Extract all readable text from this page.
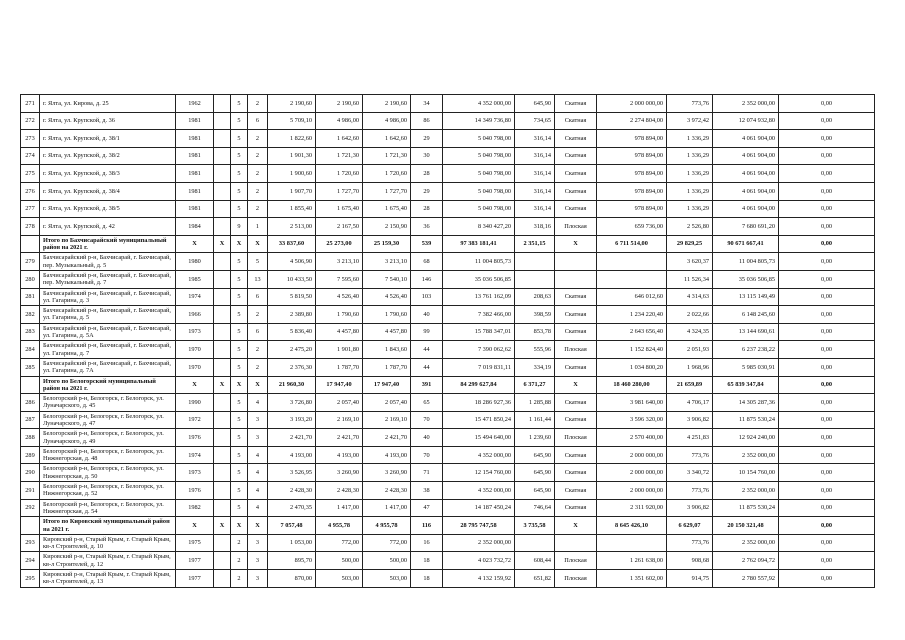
271	г. Ялта, ул. Кирова, д. 25	1962		5	2	2 190,60	2 190,60	2 190,60	34	4 352 000,00	645,90	Скатная	2 000 000,00	773,76	2 352 000,00	0,00
272	г. Ялта, ул. Крупской, д. 36	1981		5	6	5 709,10	4 986,00	4 986,00	86	14 349 736,80	734,65	Скатная	2 274 804,00	3 972,42	12 074 932,80	0,00
273	г. Ялта, ул. Крупской, д. 38/1	1981		5	2	1 822,60	1 642,60	1 642,60	29	5 040 798,00	316,14	Скатная	978 894,00	1 336,29	4 061 904,00	0,00
274	г. Ялта, ул. Крупской, д. 38/2	1981		5	2	1 901,30	1 721,30	1 721,30	30	5 040 798,00	316,14	Скатная	978 894,00	1 336,29	4 061 904,00	0,00
275	г. Ялта, ул. Крупской, д. 38/3	1981		5	2	1 900,60	1 720,60	1 720,60	28	5 040 798,00	316,14	Скатная	978 894,00	1 336,29	4 061 904,00	0,00
276	г. Ялта, ул. Крупской, д. 38/4	1981		5	2	1 907,70	1 727,70	1 727,70	29	5 040 798,00	316,14	Скатная	978 894,00	1 336,29	4 061 904,00	0,00
277	г. Ялта, ул. Крупской, д. 38/5	1981		5	2	1 855,40	1 675,40	1 675,40	28	5 040 798,00	316,14	Скатная	978 894,00	1 336,29	4 061 904,00	0,00
278	г. Ялта, ул. Крупской, д. 42	1984		9	1	2 513,00	2 167,50	2 150,90	36	8 340 427,20	318,16	Плоская	659 736,00	2 526,80	7 680 691,20	0,00
	Итого по Бахчисарайский муниципальный район на 2021 г.	X	X	X	X	33 837,60	25 273,00	25 159,30	539	97 383 181,41	2 351,15	X	6 711 514,00	29 829,25	90 671 667,41	0,00
279	Бахчисарайский р-н, Бахчисарай, г. Бахчисарай, пер. Музыкальный, д. 5	1980		5	5	4 506,90	3 213,10	3 213,10	68	11 004 805,73				3 620,37	11 004 805,73	0,00
280	Бахчисарайский р-н, Бахчисарай, г. Бахчисарай, пер. Музыкальный, д. 7	1985		5	13	10 433,50	7 595,60	7 540,10	146	35 036 506,85				11 526,34	35 036 506,85	0,00
281	Бахчисарайский р-н, Бахчисарай, г. Бахчисарай, ул. Гагарина, д. 3	1974		5	6	5 819,50	4 526,40	4 526,40	103	13 761 162,09	208,63	Скатная	646 012,60	4 314,63	13 115 149,49	0,00
282	Бахчисарайский р-н, Бахчисарай, г. Бахчисарай, ул. Гагарина, д. 5	1966		5	2	2 389,80	1 790,60	1 790,60	40	7 382 466,00	398,59	Скатная	1 234 220,40	2 022,66	6 148 245,60	0,00
283	Бахчисарайский р-н, Бахчисарай, г. Бахчисарай, ул. Гагарина, д. 5А	1973		5	6	5 836,40	4 457,80	4 457,80	99	15 788 347,01	853,78	Скатная	2 643 656,40	4 324,35	13 144 690,61	0,00
284	Бахчисарайский р-н, Бахчисарай, г. Бахчисарай, ул. Гагарина, д. 7	1970		5	2	2 475,20	1 901,80	1 843,60	44	7 390 062,62	555,96	Плоская	1 152 824,40	2 051,93	6 237 238,22	0,00
285	Бахчисарайский р-н, Бахчисарай, г. Бахчисарай, ул. Гагарина, д. 7А	1970		5	2	2 376,30	1 787,70	1 787,70	44	7 019 831,11	334,19	Скатная	1 034 800,20	1 968,96	5 985 030,91	0,00
	Итого по Белогорский муниципальный район на 2021 г.	X	X	X	X	21 960,30	17 947,40	17 947,40	391	84 299 627,84	6 371,27	X	18 460 280,00	21 659,89	65 839 347,84	0,00
286	Белогорский р-н, Белогорск, г. Белогорск, ул. Луначарского, д. 45	1990		5	4	3 726,80	2 057,40	2 057,40	65	18 286 927,36	1 285,88	Скатная	3 981 640,00	4 706,17	14 305 287,36	0,00
287	Белогорский р-н, Белогорск, г. Белогорск, ул. Луначарского, д. 47	1972		5	3	3 193,20	2 169,10	2 169,10	70	15 471 850,24	1 161,44	Скатная	3 596 320,00	3 906,82	11 875 530,24	0,00
288	Белогорский р-н, Белогорск, г. Белогорск, ул. Луначарского, д. 49	1976		5	3	2 421,70	2 421,70	2 421,70	40	15 494 640,00	1 239,60	Плоская	2 570 400,00	4 251,83	12 924 240,00	0,00
289	Белогорский р-н, Белогорск, г. Белогорск, ул. Нижнегорская, д. 48	1974		5	4	4 193,00	4 193,00	4 193,00	70	4 352 000,00	645,90	Скатная	2 000 000,00	773,76	2 352 000,00	0,00
290	Белогорский р-н, Белогорск, г. Белогорск, ул. Нижнегорская, д. 50	1973		5	4	3 526,95	3 260,90	3 260,90	71	12 154 760,00	645,90	Скатная	2 000 000,00	3 340,72	10 154 760,00	0,00
291	Белогорский р-н, Белогорск, г. Белогорск, ул. Нижнегорская, д. 52	1976		5	4	2 428,30	2 428,30	2 428,30	38	4 352 000,00	645,90	Скатная	2 000 000,00	773,76	2 352 000,00	0,00
292	Белогорский р-н, Белогорск, г. Белогорск, ул. Нижнегорская, д. 54	1982		5	4	2 470,35	1 417,00	1 417,00	47	14 187 450,24	746,64	Скатная	2 311 920,00	3 906,82	11 875 530,24	0,00
	Итого по Кировский муниципальный район на 2021 г.	X	X	X	X	7 057,48	4 955,78	4 955,78	116	28 795 747,58	3 735,58	X	8 645 426,10	6 629,07	20 150 321,48	0,00
293	Кировский р-н, Старый Крым, г. Старый Крым, кв-л Строителей, д. 10	1975		2	3	1 053,00	772,00	772,00	16	2 352 000,00				773,76	2 352 000,00	0,00
294	Кировский р-н, Старый Крым, г. Старый Крым, кв-л Строителей, д. 12	1977		2	3	895,70	500,00	500,00	18	4 023 732,72	608,44	Плоская	1 261 638,00	908,68	2 762 094,72	0,00
295	Кировский р-н, Старый Крым, г. Старый Крым, кв-л Строителей, д. 13	1977		2	3	870,00	503,00	503,00	18	4 132 159,92	651,82	Плоская	1 351 602,00	914,75	2 780 557,92	0,00
